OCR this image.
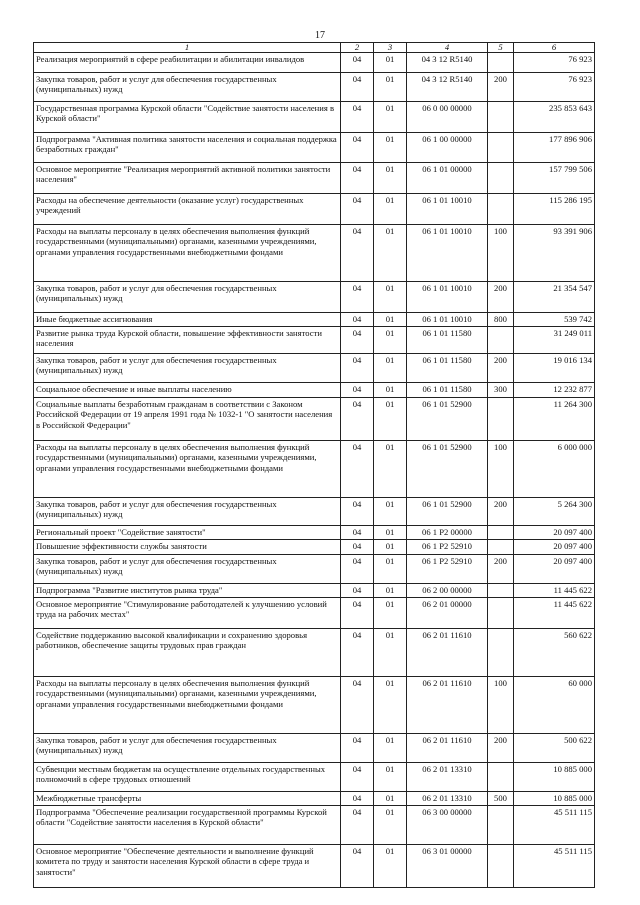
17
1	2	3	4	5	6
Реализация мероприятий в сфере реабилитации и абилитации инвалидов	04	01	04 3 12 R5140		76 923
Закупка товаров, работ и услуг для обеспечения государственных (муниципальных) нужд	04	01	04 3 12 R5140	200	76 923
Государственная программа Курской области "Содействие занятости населения в Курской области"	04	01	06 0 00 00000		235 853 643
Подпрограмма "Активная политика занятости населения и социальная поддержка безработных граждан"	04	01	06 1 00 00000		177 896 906
Основное мероприятие "Реализация мероприятий активной политики занятости населения"	04	01	06 1 01 00000		157 799 506
Расходы на обеспечение деятельности (оказание услуг) государственных учреждений	04	01	06 1 01 10010		115 286 195
Расходы на выплаты персоналу в целях обеспечения выполнения функций государственными (муниципальными) органами, казенными учреждениями, органами управления государственными внебюджетными фондами	04	01	06 1 01 10010	100	93 391 906
Закупка товаров, работ и услуг для обеспечения государственных (муниципальных) нужд	04	01	06 1 01 10010	200	21 354 547
Иные бюджетные ассигнования	04	01	06 1 01 10010	800	539 742
Развитие рынка труда Курской области, повышение эффективности занятости населения	04	01	06 1 01 11580		31 249 011
Закупка товаров, работ и услуг для обеспечения государственных (муниципальных) нужд	04	01	06 1 01 11580	200	19 016 134
Социальное обеспечение и иные выплаты населению	04	01	06 1 01 11580	300	12 232 877
Социальные выплаты безработным гражданам в соответствии с Законом Российской Федерации от 19 апреля 1991 года № 1032-1 "О занятости населения в Российской Федерации"	04	01	06 1 01 52900		11 264 300
Расходы на выплаты персоналу в целях обеспечения выполнения функций государственными (муниципальными) органами, казенными учреждениями, органами управления государственными внебюджетными фондами	04	01	06 1 01 52900	100	6 000 000
Закупка товаров, работ и услуг для обеспечения государственных (муниципальных) нужд	04	01	06 1 01 52900	200	5 264 300
Региональный проект "Содействие занятости"	04	01	06 1 P2 00000		20 097 400
Повышение эффективности службы занятости	04	01	06 1 P2 52910		20 097 400
Закупка товаров, работ и услуг для обеспечения государственных (муниципальных) нужд	04	01	06 1 P2 52910	200	20 097 400
Подпрограмма "Развитие институтов рынка труда"	04	01	06 2 00 00000		11 445 622
Основное мероприятие "Стимулирование работодателей к улучшению условий труда на рабочих местах"	04	01	06 2 01 00000		11 445 622
Содействие поддержанию высокой квалификации и сохранению здоровья работников, обеспечение защиты трудовых прав граждан	04	01	06 2 01 11610		560 622
Расходы на выплаты персоналу в целях обеспечения выполнения функций государственными (муниципальными) органами, казенными учреждениями, органами управления государственными внебюджетными фондами	04	01	06 2 01 11610	100	60 000
Закупка товаров, работ и услуг для обеспечения государственных (муниципальных) нужд	04	01	06 2 01 11610	200	500 622
Субвенции местным бюджетам на осуществление отдельных государственных полномочий в сфере трудовых отношений	04	01	06 2 01 13310		10 885 000
Межбюджетные трансферты	04	01	06 2 01 13310	500	10 885 000
Подпрограмма "Обеспечение реализации государственной программы Курской области "Содействие занятости населения в Курской области"	04	01	06 3 00 00000		45 511 115
Основное мероприятие "Обеспечение деятельности и выполнение функций комитета по труду и занятости населения Курской области в сфере труда и занятости"	04	01	06 3 01 00000		45 511 115
